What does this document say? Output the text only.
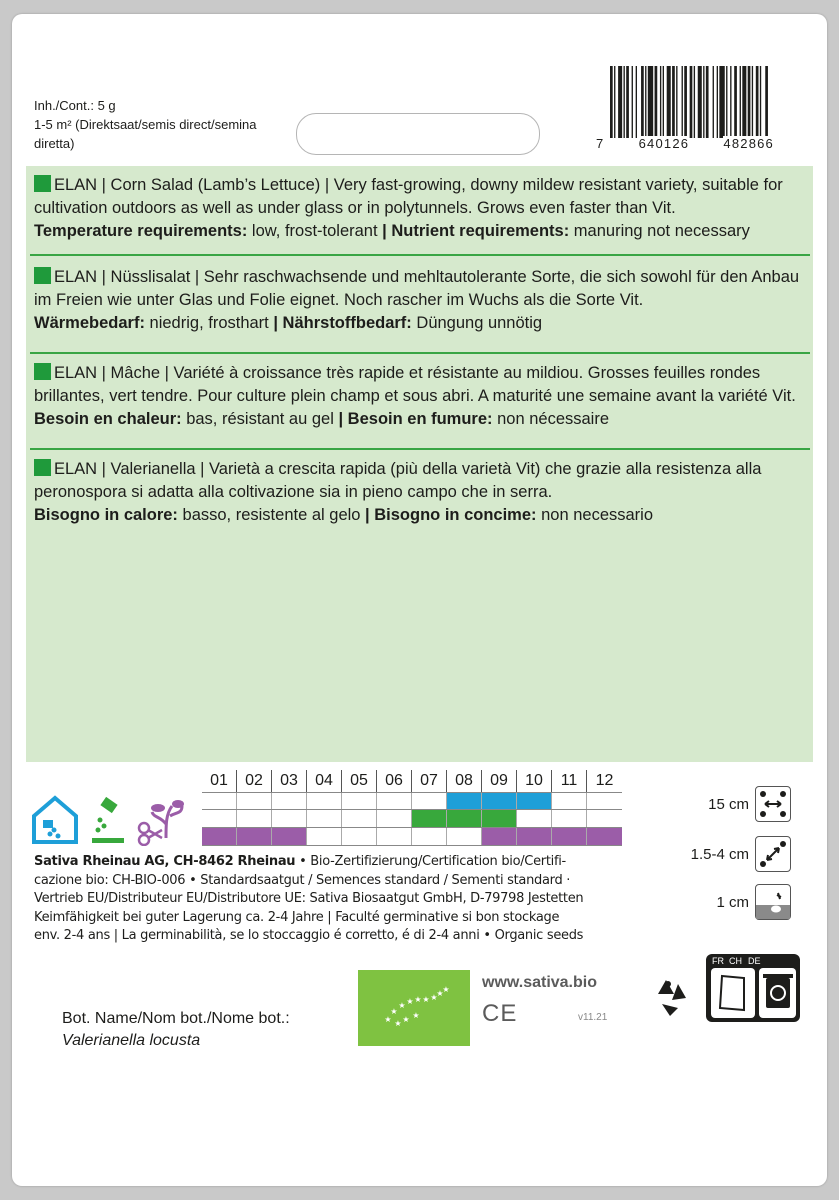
Inh./Cont.: 5 g
1-5 m² (Direktsaat/semis direct/semina
diretta)	7	640126	482866
ELAN | Corn Salad (Lamb’s Lettuce) | Very fast-growing, downy mildew resistant variety, suitable for cultivation outdoors as well as under glass or in polytunnels. Grows even faster than Vit.
Temperature requirements: low, frost-tolerant | Nutrient requirements: manuring not necessary
ELAN | Nüsslisalat | Sehr raschwachsende und mehltautolerante Sorte, die sich sowohl für den Anbau im Freien wie unter Glas und Folie eignet. Noch rascher im Wuchs als die Sorte Vit.
Wärmebedarf: niedrig, frosthart | Nährstoffbedarf: Düngung unnötig
ELAN | Mâche | Variété à croissance très rapide et résistante au mildiou. Grosses feuilles rondes brillantes, vert tendre. Pour culture plein champ et sous abri. A maturité une semaine avant la variété Vit.
Besoin en chaleur: bas, résistant au gel | Besoin en fumure: non nécessaire
ELAN | Valerianella | Varietà a crescita rapida (più della varietà Vit) che grazie alla resistenza alla peronospora si adatta alla coltivazione sia in pieno campo che in serra.
Bisogno in calore: basso, resistente al gelo | Bisogno in concime: non necessario
01	02	03	04	05	06	07	08	09	10	11	12
Sativa Rheinau AG, CH-8462 Rheinau • Bio-Zertifizierung/Certification bio/Certifi-
cazione bio: CH-BIO-006 • Standardsaatgut / Semences standard / Sementi standard ·
Vertrieb EU/Distributeur EU/Distributore UE: Sativa Biosaatgut GmbH, D-79798 Jestetten
Keimfähigkeit bei guter Lagerung ca. 2-4 Jahre | Faculté germinative si bon stockage
env. 2-4 ans | La germinabilità, se lo stoccaggio é corretto, é di 2-4 anni • Organic seeds
15 cm
1.5-4 cm
1 cm
★
★
★ ★ ★ ★ ★
★
★
★ ★ ★
www.sativa.bio
CE	v11.21
Bot. Name/Nom bot./Nome bot.:
Valerianella locusta
FR CH DE
